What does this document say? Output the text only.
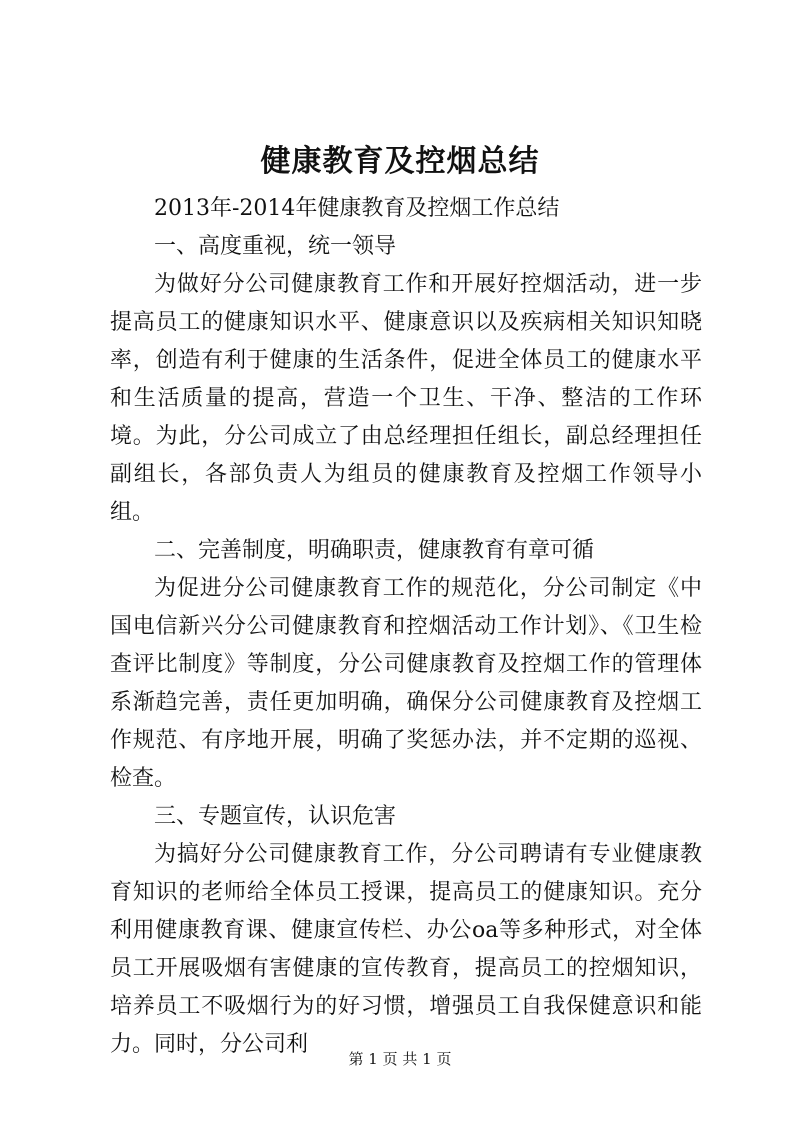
健康教育及控烟总结

2013年-2014年健康教育及控烟工作总结

一、高度重视，统一领导

为做好分公司健康教育工作和开展好控烟活动，进一步提高员工的健康知识水平、健康意识以及疾病相关知识知晓率，创造有利于健康的生活条件，促进全体员工的健康水平和生活质量的提高，营造一个卫生、干净、整洁的工作环境。为此，分公司成立了由总经理担任组长，副总经理担任副组长，各部负责人为组员的健康教育及控烟工作领导小组。

二、完善制度，明确职责，健康教育有章可循

为促进分公司健康教育工作的规范化，分公司制定《中国电信新兴分公司健康教育和控烟活动工作计划》、《卫生检查评比制度》等制度，分公司健康教育及控烟工作的管理体系渐趋完善，责任更加明确，确保分公司健康教育及控烟工作规范、有序地开展，明确了奖惩办法，并不定期的巡视、检查。

三、专题宣传，认识危害

为搞好分公司健康教育工作，分公司聘请有专业健康教育知识的老师给全体员工授课，提高员工的健康知识。充分利用健康教育课、健康宣传栏、办公oa等多种形式，对全体员工开展吸烟有害健康的宣传教育，提高员工的控烟知识，培养员工不吸烟行为的好习惯，增强员工自我保健意识和能力。同时，分公司利

第 1 页 共 1 页
